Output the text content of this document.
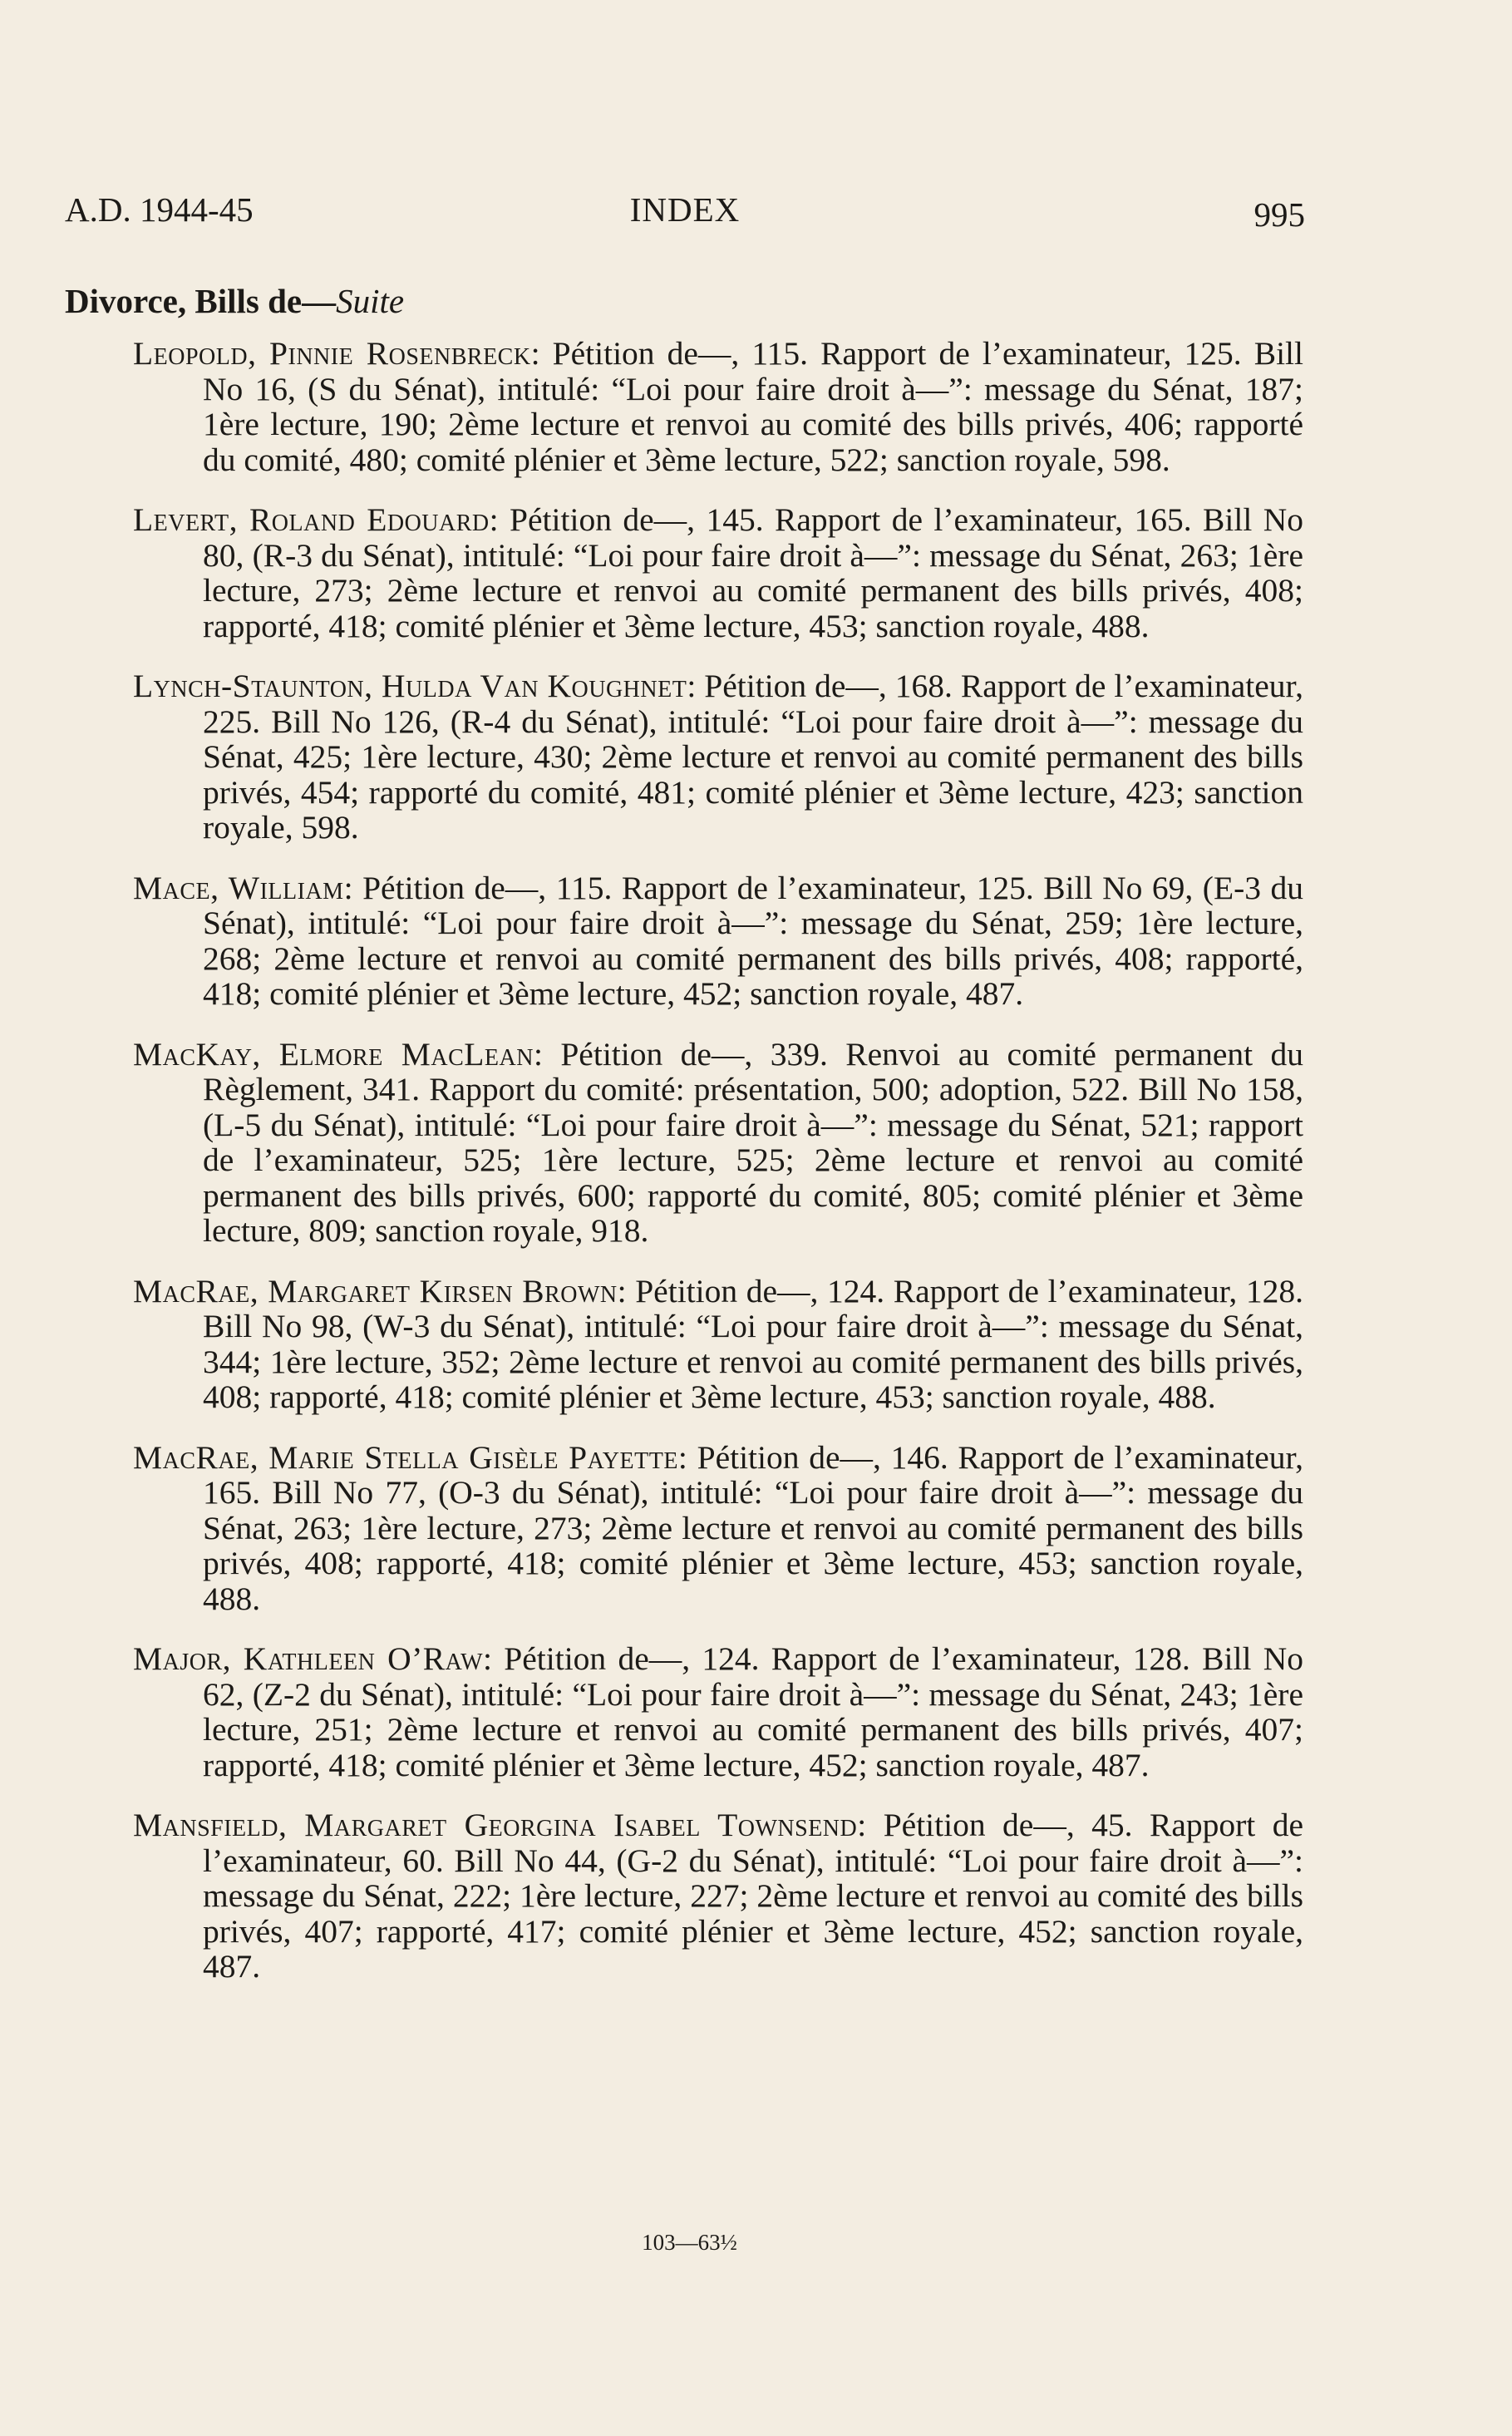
A.D. 1944-45	INDEX	995
Divorce, Bills de—Suite

Leopold, Pinnie Rosenbreck: Pétition de—, 115. Rapport de l’examinateur, 125. Bill No 16, (S du Sénat), intitulé: “Loi pour faire droit à—”: message du Sénat, 187; 1ère lecture, 190; 2ème lecture et renvoi au comité des bills privés, 406; rapporté du comité, 480; comité plénier et 3ème lecture, 522; sanction royale, 598.

Levert, Roland Edouard: Pétition de—, 145. Rapport de l’examinateur, 165. Bill No 80, (R-3 du Sénat), intitulé: “Loi pour faire droit à—”: message du Sénat, 263; 1ère lecture, 273; 2ème lecture et renvoi au comité permanent des bills privés, 408; rapporté, 418; comité plénier et 3ème lecture, 453; sanction royale, 488.

Lynch-Staunton, Hulda Van Koughnet: Pétition de—, 168. Rapport de l’examinateur, 225. Bill No 126, (R-4 du Sénat), intitulé: “Loi pour faire droit à—”: message du Sénat, 425; 1ère lecture, 430; 2ème lecture et renvoi au comité permanent des bills privés, 454; rapporté du comité, 481; comité plénier et 3ème lecture, 423; sanction royale, 598.

Mace, William: Pétition de—, 115. Rapport de l’examinateur, 125. Bill No 69, (E-3 du Sénat), intitulé: “Loi pour faire droit à—”: message du Sénat, 259; 1ère lecture, 268; 2ème lecture et renvoi au comité permanent des bills privés, 408; rapporté, 418; comité plénier et 3ème lecture, 452; sanction royale, 487.

MacKay, Elmore MacLean: Pétition de—, 339. Renvoi au comité permanent du Règlement, 341. Rapport du comité: présentation, 500; adoption, 522. Bill No 158, (L-5 du Sénat), intitulé: “Loi pour faire droit à—”: message du Sénat, 521; rapport de l’examinateur, 525; 1ère lecture, 525; 2ème lecture et renvoi au comité permanent des bills privés, 600; rapporté du comité, 805; comité plénier et 3ème lecture, 809; sanction royale, 918.

MacRae, Margaret Kirsen Brown: Pétition de—, 124. Rapport de l’examinateur, 128. Bill No 98, (W-3 du Sénat), intitulé: “Loi pour faire droit à—”: message du Sénat, 344; 1ère lecture, 352; 2ème lecture et renvoi au comité permanent des bills privés, 408; rapporté, 418; comité plénier et 3ème lecture, 453; sanction royale, 488.

MacRae, Marie Stella Gisèle Payette: Pétition de—, 146. Rapport de l’examinateur, 165. Bill No 77, (O-3 du Sénat), intitulé: “Loi pour faire droit à—”: message du Sénat, 263; 1ère lecture, 273; 2ème lecture et renvoi au comité permanent des bills privés, 408; rapporté, 418; comité plénier et 3ème lecture, 453; sanction royale, 488.

Major, Kathleen O’Raw: Pétition de—, 124. Rapport de l’examinateur, 128. Bill No 62, (Z-2 du Sénat), intitulé: “Loi pour faire droit à—”: message du Sénat, 243; 1ère lecture, 251; 2ème lecture et renvoi au comité permanent des bills privés, 407; rapporté, 418; comité plénier et 3ème lecture, 452; sanction royale, 487.

Mansfield, Margaret Georgina Isabel Townsend: Pétition de—, 45. Rapport de l’examinateur, 60. Bill No 44, (G-2 du Sénat), intitulé: “Loi pour faire droit à—”: message du Sénat, 222; 1ère lecture, 227; 2ème lecture et renvoi au comité des bills privés, 407; rapporté, 417; comité plénier et 3ème lecture, 452; sanction royale, 487.

103—63½
